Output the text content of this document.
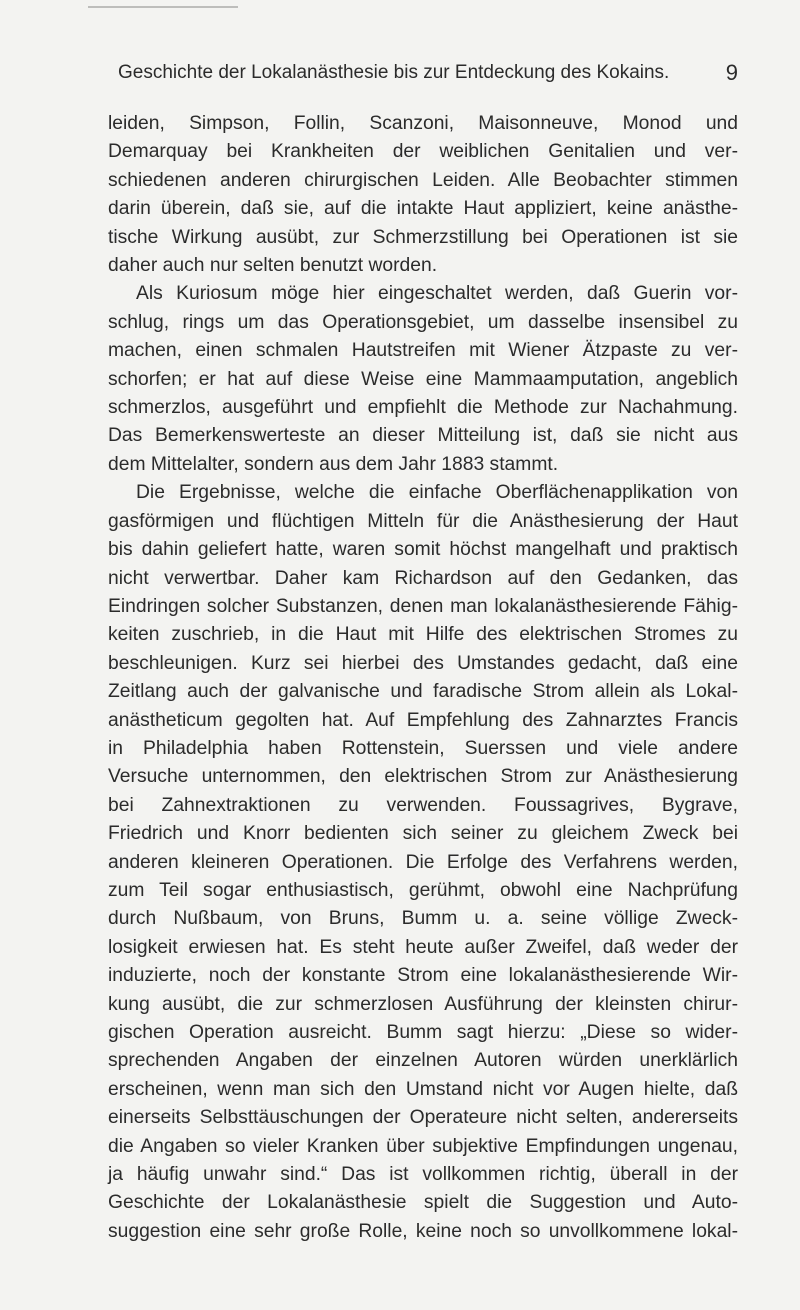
Geschichte der Lokalanästhesie bis zur Entdeckung des Kokains.	9

leiden, Simpson, Follin, Scanzoni, Maisonneuve, Monod und
Demarquay bei Krankheiten der weiblichen Genitalien und ver-
schiedenen anderen chirurgischen Leiden. Alle Beobachter stimmen
darin überein, daß sie, auf die intakte Haut appliziert, keine anästhe-
tische Wirkung ausübt, zur Schmerzstillung bei Operationen ist sie
daher auch nur selten benutzt worden.

Als Kuriosum möge hier eingeschaltet werden, daß Guerin vor-
schlug, rings um das Operationsgebiet, um dasselbe insensibel zu
machen, einen schmalen Hautstreifen mit Wiener Ätzpaste zu ver-
schorfen; er hat auf diese Weise eine Mammaamputation, angeblich
schmerzlos, ausgeführt und empfiehlt die Methode zur Nachahmung.
Das Bemerkenswerteste an dieser Mitteilung ist, daß sie nicht aus
dem Mittelalter, sondern aus dem Jahr 1883 stammt.

Die Ergebnisse, welche die einfache Oberflächenapplikation von
gasförmigen und flüchtigen Mitteln für die Anästhesierung der Haut
bis dahin geliefert hatte, waren somit höchst mangelhaft und praktisch
nicht verwertbar. Daher kam Richardson auf den Gedanken, das
Eindringen solcher Substanzen, denen man lokalanästhesierende Fähig-
keiten zuschrieb, in die Haut mit Hilfe des elektrischen Stromes zu
beschleunigen. Kurz sei hierbei des Umstandes gedacht, daß eine
Zeitlang auch der galvanische und faradische Strom allein als Lokal-
anästheticum gegolten hat. Auf Empfehlung des Zahnarztes Francis
in Philadelphia haben Rottenstein, Suerssen und viele andere
Versuche unternommen, den elektrischen Strom zur Anästhesierung
bei Zahnextraktionen zu verwenden. Foussagrives, Bygrave,
Friedrich und Knorr bedienten sich seiner zu gleichem Zweck bei
anderen kleineren Operationen. Die Erfolge des Verfahrens werden,
zum Teil sogar enthusiastisch, gerühmt, obwohl eine Nachprüfung
durch Nußbaum, von Bruns, Bumm u. a. seine völlige Zweck-
losigkeit erwiesen hat. Es steht heute außer Zweifel, daß weder der
induzierte, noch der konstante Strom eine lokalanästhesierende Wir-
kung ausübt, die zur schmerzlosen Ausführung der kleinsten chirur-
gischen Operation ausreicht. Bumm sagt hierzu: „Diese so wider-
sprechenden Angaben der einzelnen Autoren würden unerklärlich
erscheinen, wenn man sich den Umstand nicht vor Augen hielte, daß
einerseits Selbsttäuschungen der Operateure nicht selten, andererseits
die Angaben so vieler Kranken über subjektive Empfindungen ungenau,
ja häufig unwahr sind.“ Das ist vollkommen richtig, überall in der
Geschichte der Lokalanästhesie spielt die Suggestion und Auto-
suggestion eine sehr große Rolle, keine noch so unvollkommene lokal-
